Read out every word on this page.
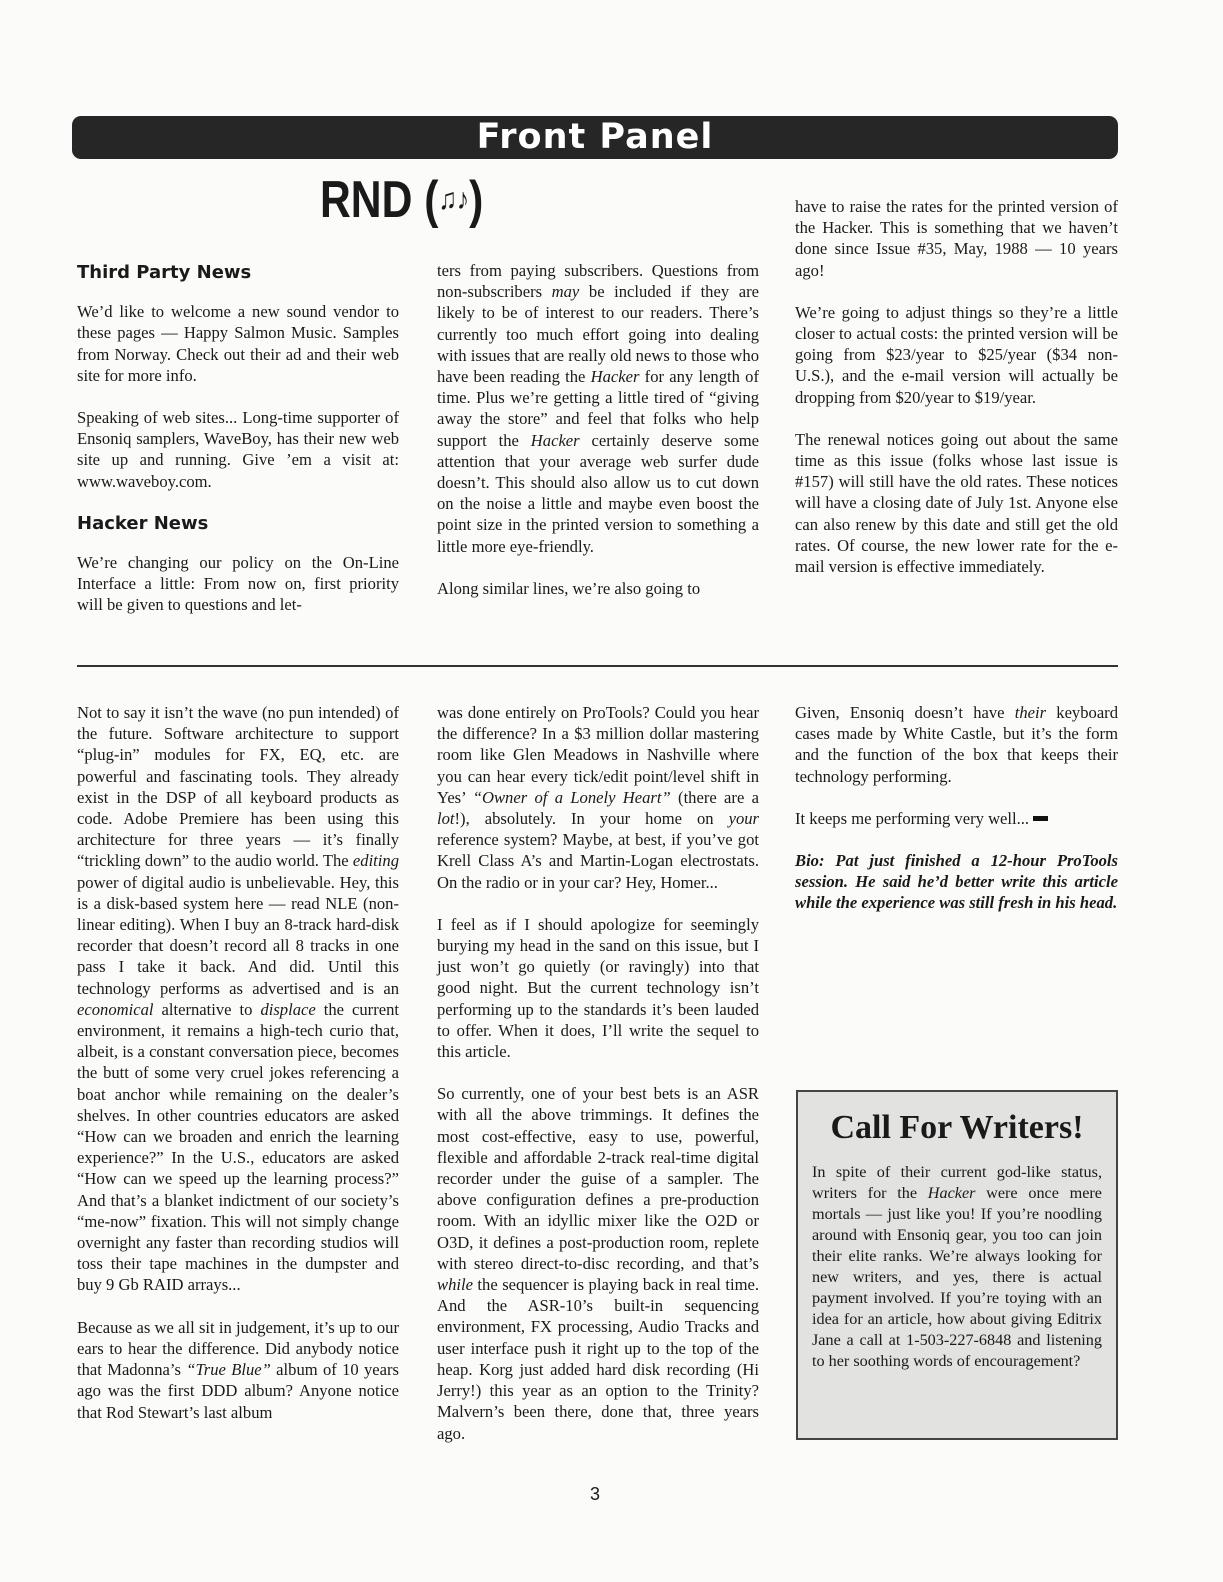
Front Panel
RND (♫♪)
Third Party News

We’d like to welcome a new sound vendor to these pages — Happy Salmon Music. Samples from Norway. Check out their ad and their web site for more info.

Speaking of web sites... Long-time supporter of Ensoniq samplers, WaveBoy, has their new web site up and running. Give ’em a visit at: www.waveboy.com.

Hacker News

We’re changing our policy on the On-Line Interface a little: From now on, first priority will be given to questions and let-

ters from paying subscribers. Questions from non-subscribers may be included if they are likely to be of interest to our readers. There’s currently too much effort going into dealing with issues that are really old news to those who have been reading the Hacker for any length of time. Plus we’re getting a little tired of “giving away the store” and feel that folks who help support the Hacker certainly deserve some attention that your average web surfer dude doesn’t. This should also allow us to cut down on the noise a little and maybe even boost the point size in the printed version to something a little more eye-friendly.

Along similar lines, we’re also going to

have to raise the rates for the printed version of the Hacker. This is something that we haven’t done since Issue #35, May, 1988 — 10 years ago!

We’re going to adjust things so they’re a little closer to actual costs: the printed version will be going from $23/year to $25/year ($34 non-U.S.), and the e-mail version will actually be dropping from $20/year to $19/year.

The renewal notices going out about the same time as this issue (folks whose last issue is #157) will still have the old rates. These notices will have a closing date of July 1st. Anyone else can also renew by this date and still get the old rates. Of course, the new lower rate for the e-mail version is effective immediately.

Not to say it isn’t the wave (no pun intended) of the future. Software architecture to support “plug-in” modules for FX, EQ, etc. are powerful and fascinating tools. They already exist in the DSP of all keyboard products as code. Adobe Premiere has been using this architecture for three years — it’s finally “trickling down” to the audio world. The editing power of digital audio is unbelievable. Hey, this is a disk-based system here — read NLE (non-linear editing). When I buy an 8-track hard-disk recorder that doesn’t record all 8 tracks in one pass I take it back. And did. Until this technology performs as advertised and is an economical alternative to displace the current environment, it remains a high-tech curio that, albeit, is a constant conversation piece, becomes the butt of some very cruel jokes referencing a boat anchor while remaining on the dealer’s shelves. In other countries educators are asked “How can we broaden and enrich the learning experience?” In the U.S., educators are asked “How can we speed up the learning process?” And that’s a blanket indictment of our society’s “me-now” fixation. This will not simply change overnight any faster than recording studios will toss their tape machines in the dumpster and buy 9 Gb RAID arrays...

Because as we all sit in judgement, it’s up to our ears to hear the difference. Did anybody notice that Madonna’s “True Blue” album of 10 years ago was the first DDD album? Anyone notice that Rod Stewart’s last album

was done entirely on ProTools? Could you hear the difference? In a $3 million dollar mastering room like Glen Meadows in Nashville where you can hear every tick/edit point/level shift in Yes’ “Owner of a Lonely Heart” (there are a lot!), absolutely. In your home on your reference system? Maybe, at best, if you’ve got Krell Class A’s and Martin-Logan electrostats. On the radio or in your car? Hey, Homer...

I feel as if I should apologize for seemingly burying my head in the sand on this issue, but I just won’t go quietly (or ravingly) into that good night. But the current technology isn’t performing up to the standards it’s been lauded to offer. When it does, I’ll write the sequel to this article.

So currently, one of your best bets is an ASR with all the above trimmings. It defines the most cost-effective, easy to use, powerful, flexible and affordable 2-track real-time digital recorder under the guise of a sampler. The above configuration defines a pre-production room. With an idyllic mixer like the O2D or O3D, it defines a post-production room, replete with stereo direct-to-disc recording, and that’s while the sequencer is playing back in real time. And the ASR-10’s built-in sequencing environment, FX processing, Audio Tracks and user interface push it right up to the top of the heap. Korg just added hard disk recording (Hi Jerry!) this year as an option to the Trinity? Malvern’s been there, done that, three years ago.

Given, Ensoniq doesn’t have their keyboard cases made by White Castle, but it’s the form and the function of the box that keeps their technology performing.

It keeps me performing very well...

Bio: Pat just finished a 12-hour ProTools session. He said he’d better write this article while the experience was still fresh in his head.

Call For Writers!

In spite of their current god-like status, writers for the Hacker were once mere mortals — just like you! If you’re noodling around with Ensoniq gear, you too can join their elite ranks. We’re always looking for new writers, and yes, there is actual payment involved. If you’re toying with an idea for an article, how about giving Editrix Jane a call at 1-503-227-6848 and listening to her soothing words of encouragement?

3
